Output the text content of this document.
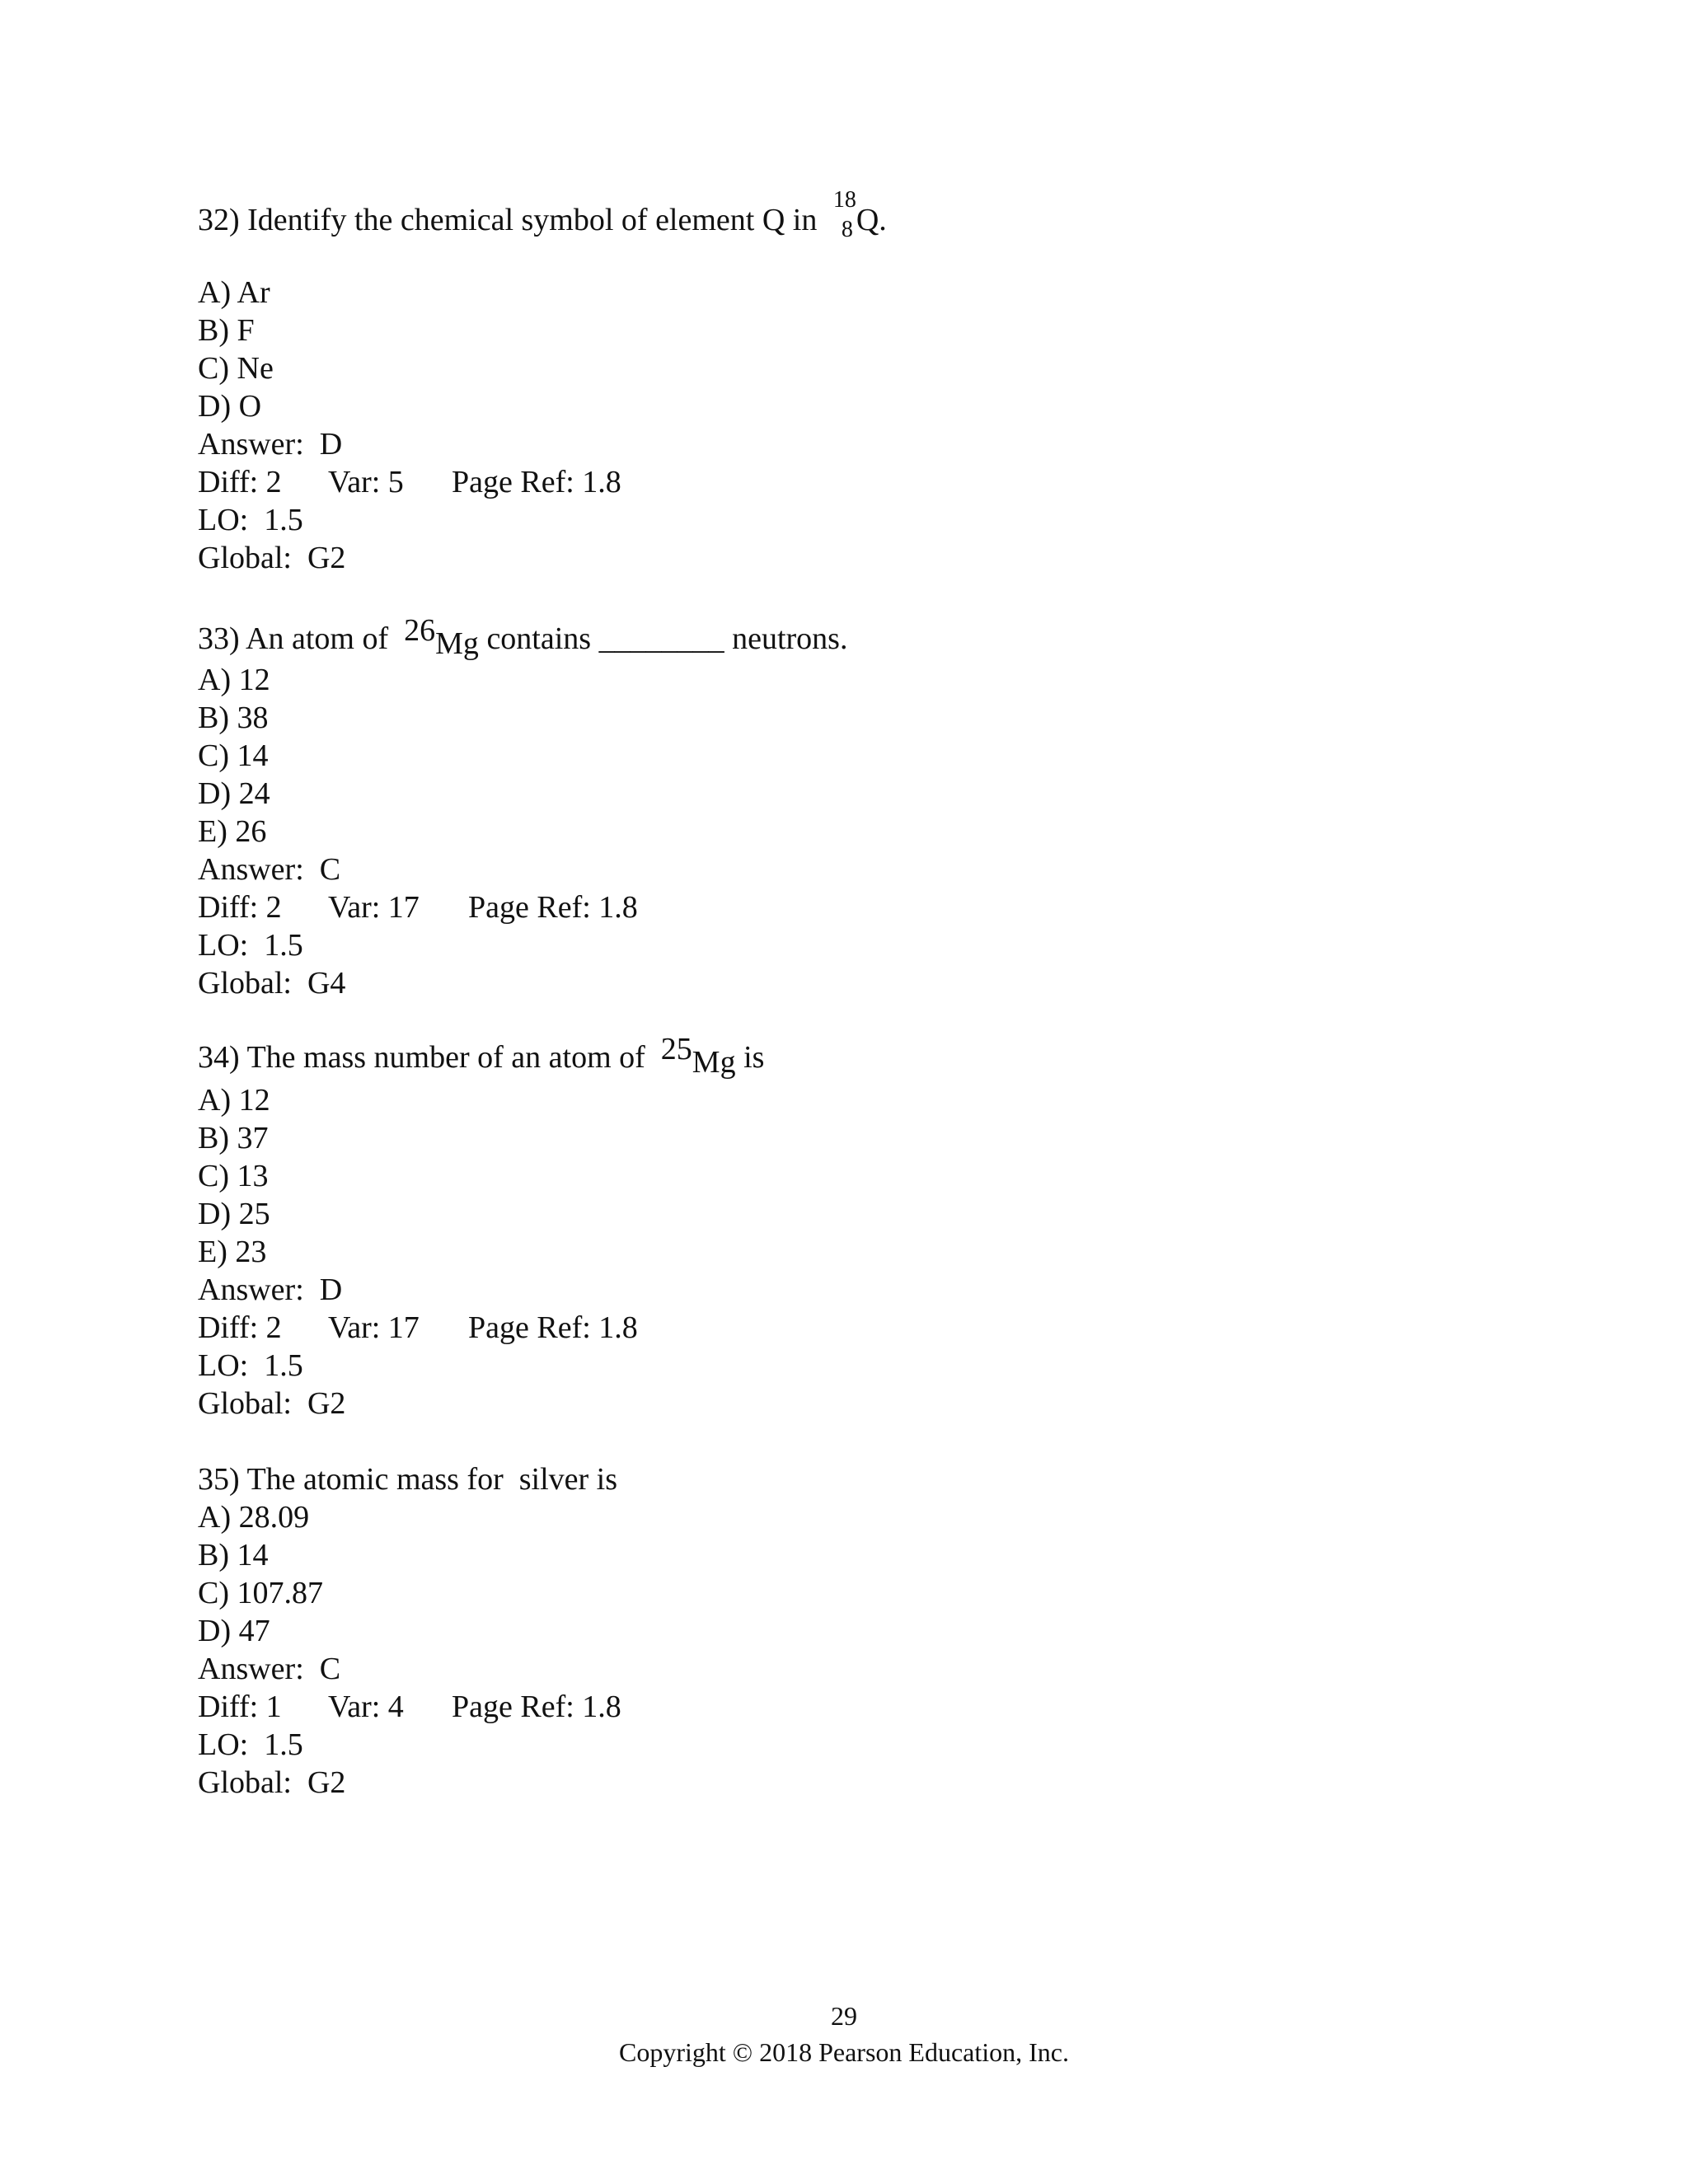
32) Identify the chemical symbol of element Q in
18
8 Q.
A) Ar
B) F
C) Ne
D) O
Answer:  D
Diff: 2 Var: 5 Page Ref: 1.8
LO:  1.5
Global:  G2
33) An atom of  26Mg contains ________ neutrons.
A) 12
B) 38
C) 14
D) 24
E) 26
Answer:  C
Diff: 2 Var: 17 Page Ref: 1.8
LO:  1.5
Global:  G4
34) The mass number of an atom of  25Mg is
A) 12
B) 37
C) 13
D) 25
E) 23
Answer:  D
Diff: 2 Var: 17 Page Ref: 1.8
LO:  1.5
Global:  G2
35) The atomic mass for  silver is
A) 28.09
B) 14
C) 107.87
D) 47
Answer:  C
Diff: 1 Var: 4 Page Ref: 1.8
LO:  1.5
Global:  G2
29
Copyright © 2018 Pearson Education, Inc.
